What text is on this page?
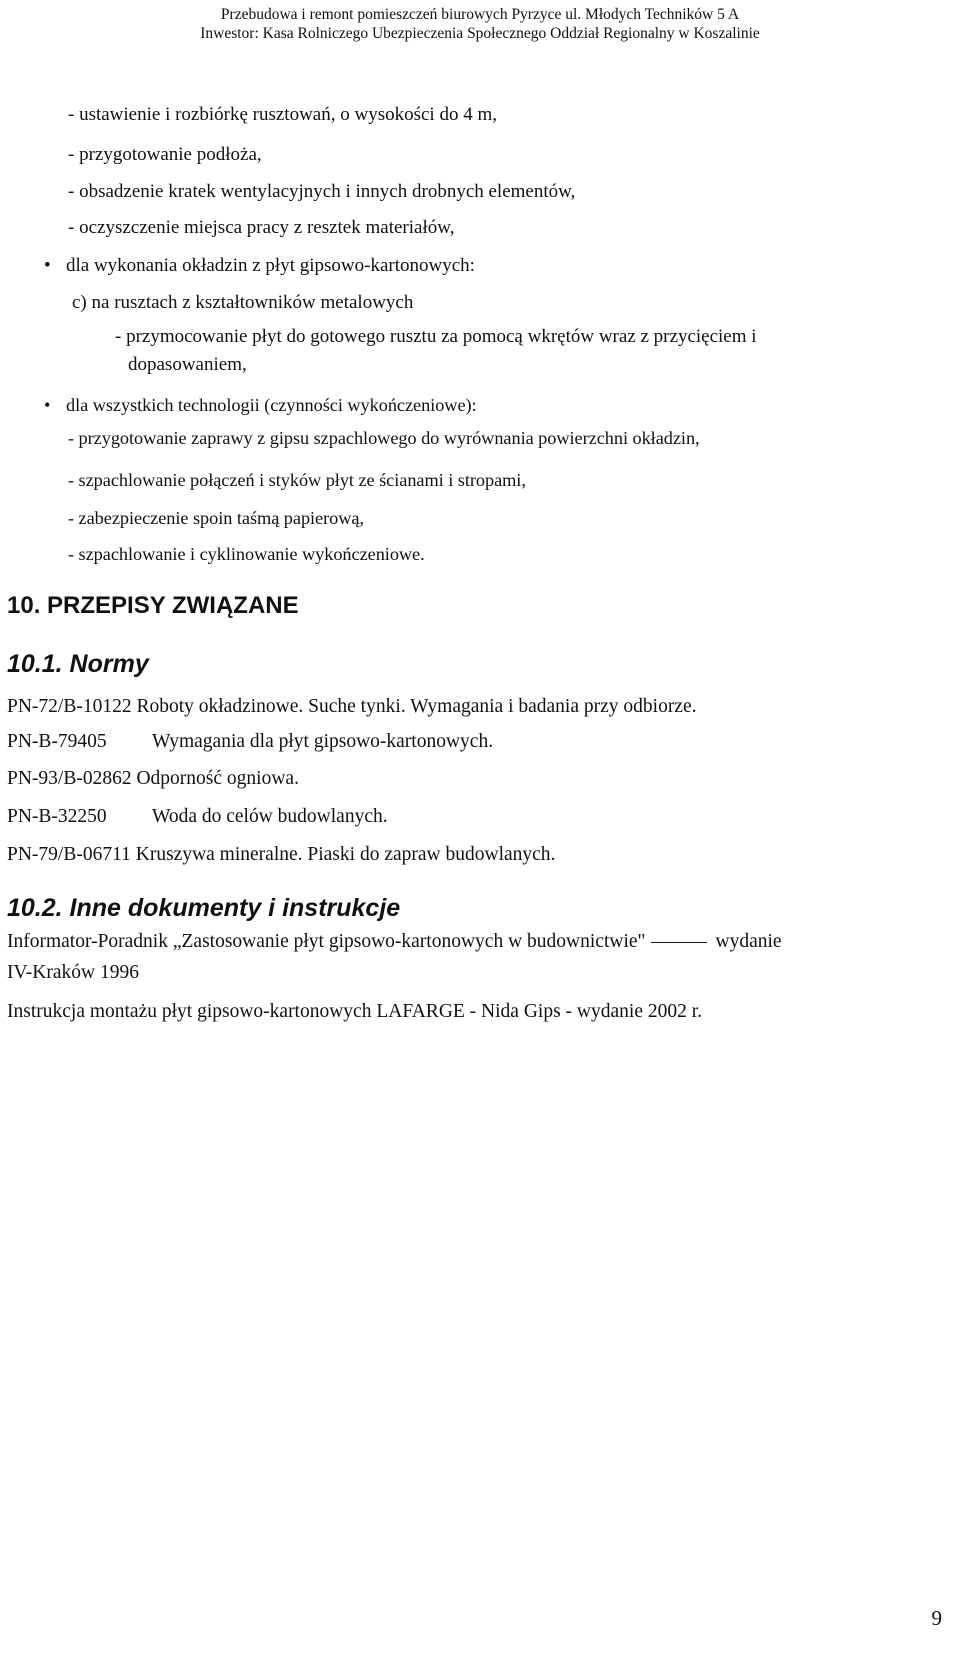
Przebudowa i remont pomieszczeń biurowych Pyrzyce ul. Młodych Techników 5 A
Inwestor: Kasa Rolniczego Ubezpieczenia Społecznego Oddział Regionalny w Koszalinie
- ustawienie i rozbiórkę rusztowań, o wysokości do 4 m,
- przygotowanie podłoża,
- obsadzenie kratek wentylacyjnych i innych drobnych elementów,
- oczyszczenie miejsca pracy z resztek materiałów,
• dla wykonania okładzin z płyt gipsowo-kartonowych:
c) na rusztach z kształtowników metalowych
- przymocowanie płyt do gotowego rusztu za pomocą wkrętów wraz z przycięciem i
dopasowaniem,
• dla wszystkich technologii (czynności wykończeniowe):
- przygotowanie zaprawy z gipsu szpachlowego do wyrównania powierzchni okładzin,
- szpachlowanie połączeń i styków płyt ze ścianami i stropami,
- zabezpieczenie spoin taśmą papierową,
- szpachlowanie i cyklinowanie wykończeniowe.
10. PRZEPISY ZWIĄZANE
10.1. Normy
PN-72/B-10122 Roboty okładzinowe. Suche tynki. Wymagania i badania przy odbiorze.
PN-B-79405 Wymagania dla płyt gipsowo-kartonowych.
PN-93/B-02862 Odporność ogniowa.
PN-B-32250 Woda do celów budowlanych.
PN-79/B-06711 Kruszywa mineralne. Piaski do zapraw budowlanych.
10.2. Inne dokumenty i instrukcje
Informator-Poradnik „Zastosowanie płyt gipsowo-kartonowych w budownictwie"	wydanie
IV-Kraków 1996
Instrukcja montażu płyt gipsowo-kartonowych LAFARGE - Nida Gips - wydanie 2002 r.
9
